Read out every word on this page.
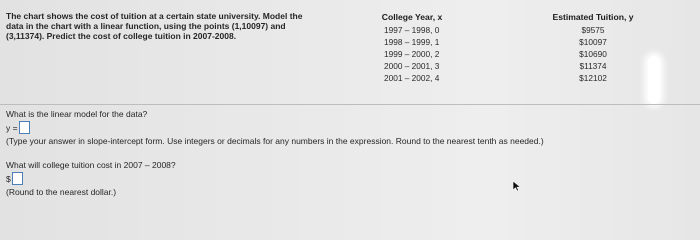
The chart shows the cost of tuition at a certain state university. Model the
data in the chart with a linear function, using the points (1,10097) and
(3,11374). Predict the cost of college tuition in 2007-2008.
College Year, x	Estimated Tuition, y
1997 – 1998, 0	$9575
1998 – 1999, 1	$10097
1999 – 2000, 2	$10690
2000 – 2001, 3	$11374
2001 – 2002, 4	$12102
What is the linear model for the data?
y =
(Type your answer in slope-intercept form. Use integers or decimals for any numbers in the expression. Round to the nearest tenth as needed.)
What will college tuition cost in 2007 – 2008?
$
(Round to the nearest dollar.)
